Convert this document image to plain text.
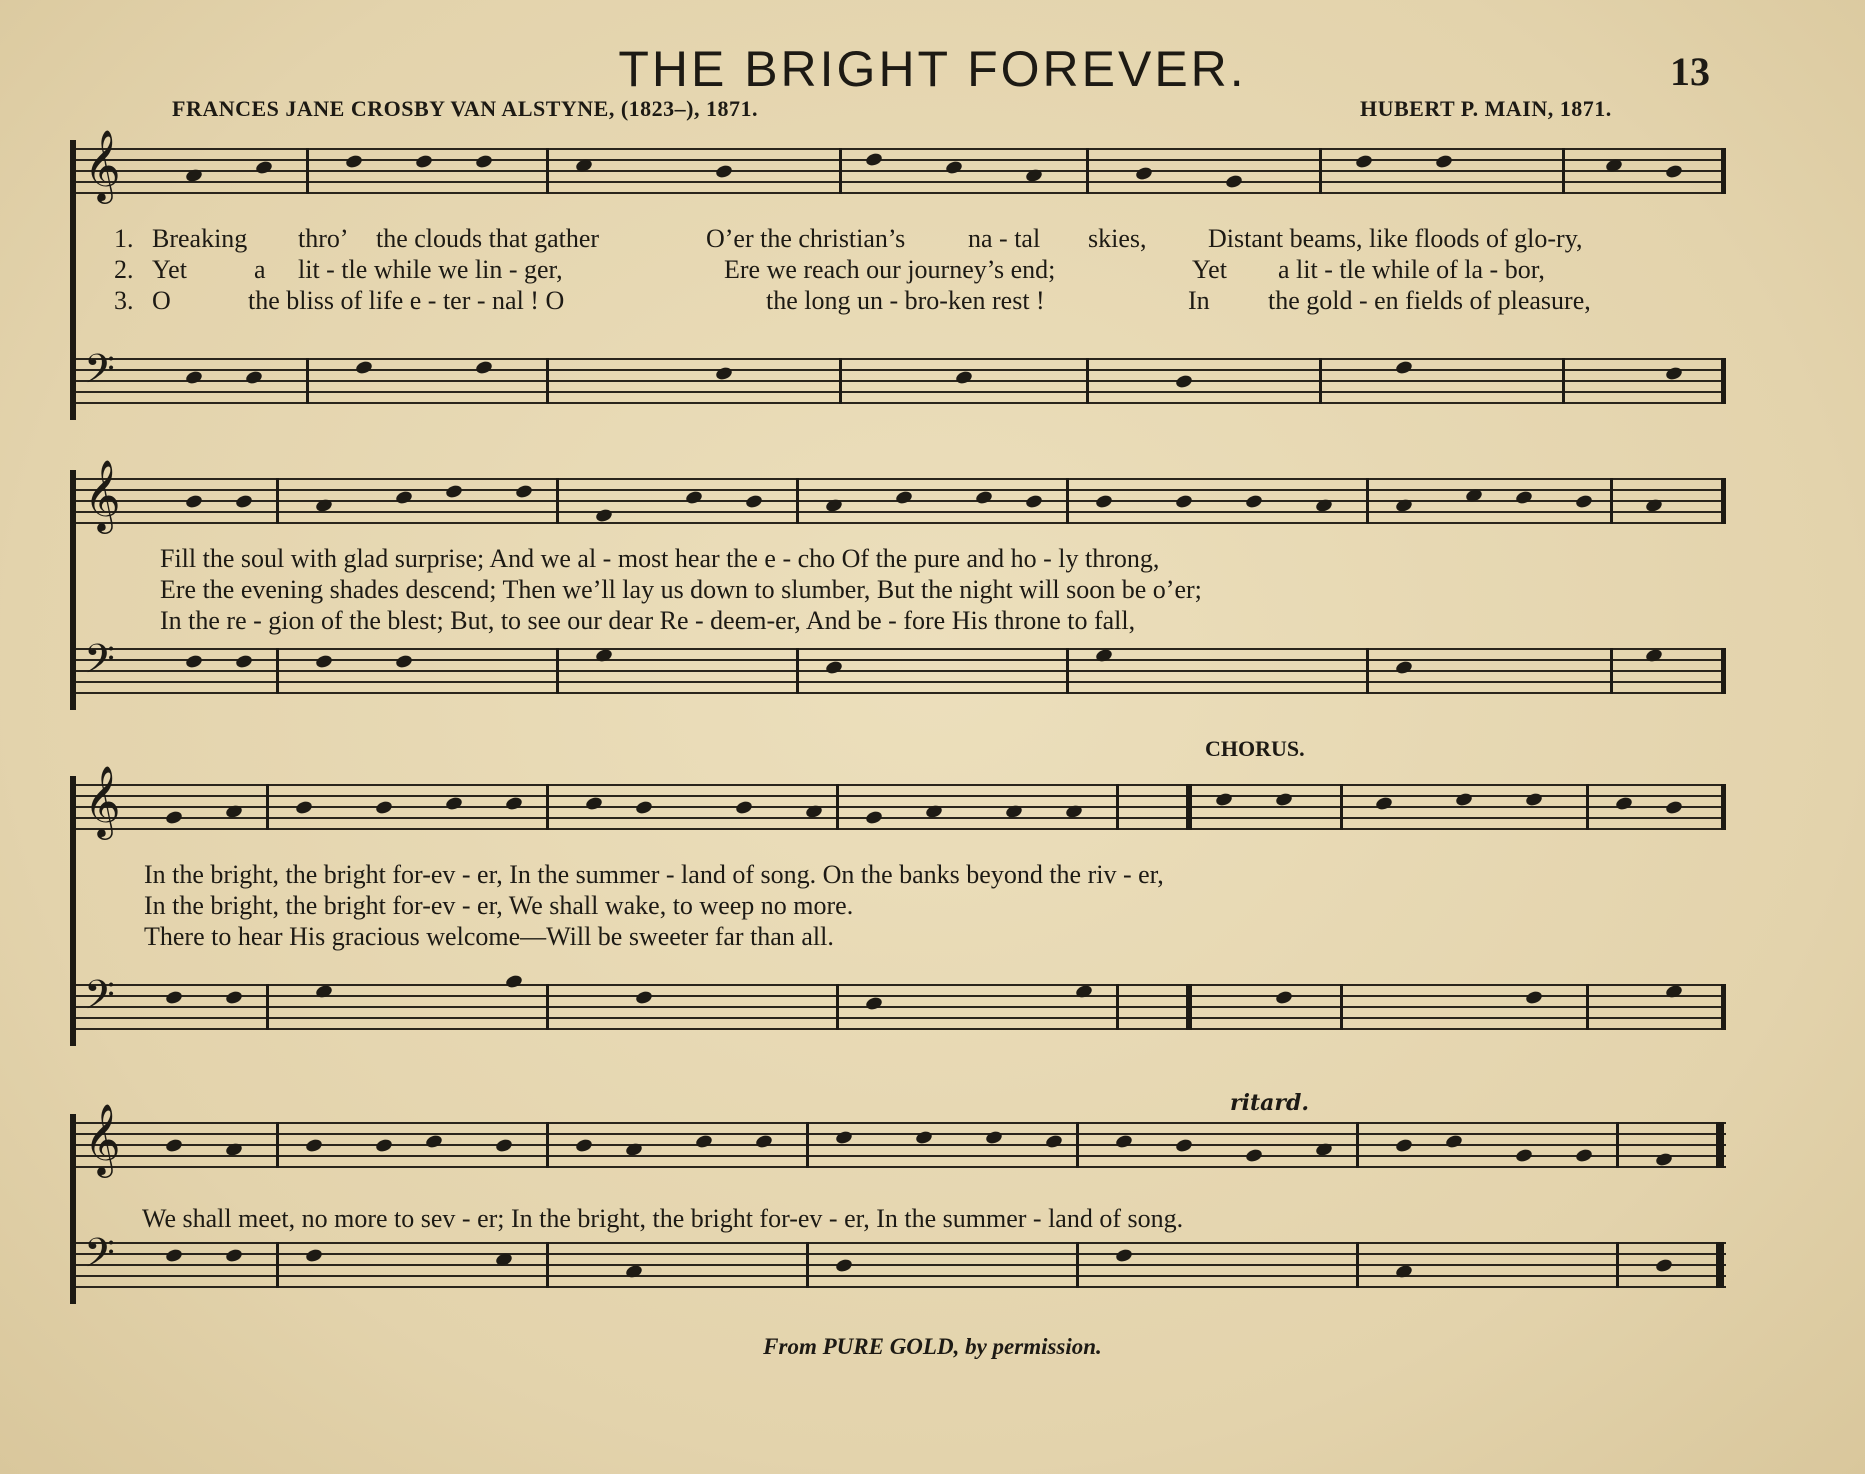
THE BRIGHT FOREVER.	13
FRANCES JANE CROSBY VAN ALSTYNE, (1823–), 1871.	HUBERT P. MAIN, 1871.
𝄞
𝄢
1. Breaking thro’ the clouds that gather	O’er the christian’s na - tal skies, Distant beams, like floods of glo-ry,
2. Yet	a lit - tle while we lin - ger,	Ere we reach our journey’s end;	Yet a lit - tle while of la - bor,
3. O	the bliss of life e - ter - nal ! O	the long un - bro-ken rest !	In the gold - en fields of pleasure,
𝄞
𝄢
Fill the soul with glad surprise; And we al - most hear the e - cho Of the pure and ho - ly throng,
Ere the evening shades descend; Then we’ll lay us down to slumber, But the night will soon be o’er;
In the re - gion of the blest; But, to see our dear Re - deem-er, And be - fore His throne to fall,
CHORUS.
𝄞
𝄢
In the bright, the bright for-ev - er, In the summer - land of song. On the banks beyond the riv - er,
In the bright, the bright for-ev - er, We shall wake, to weep no more.
There to hear His gracious welcome—Will be sweeter far than all.
ritard.
𝄞
𝄢
We shall meet, no more to sev - er; In the bright, the bright for-ev - er, In the summer - land of song.
From PURE GOLD, by permission.
